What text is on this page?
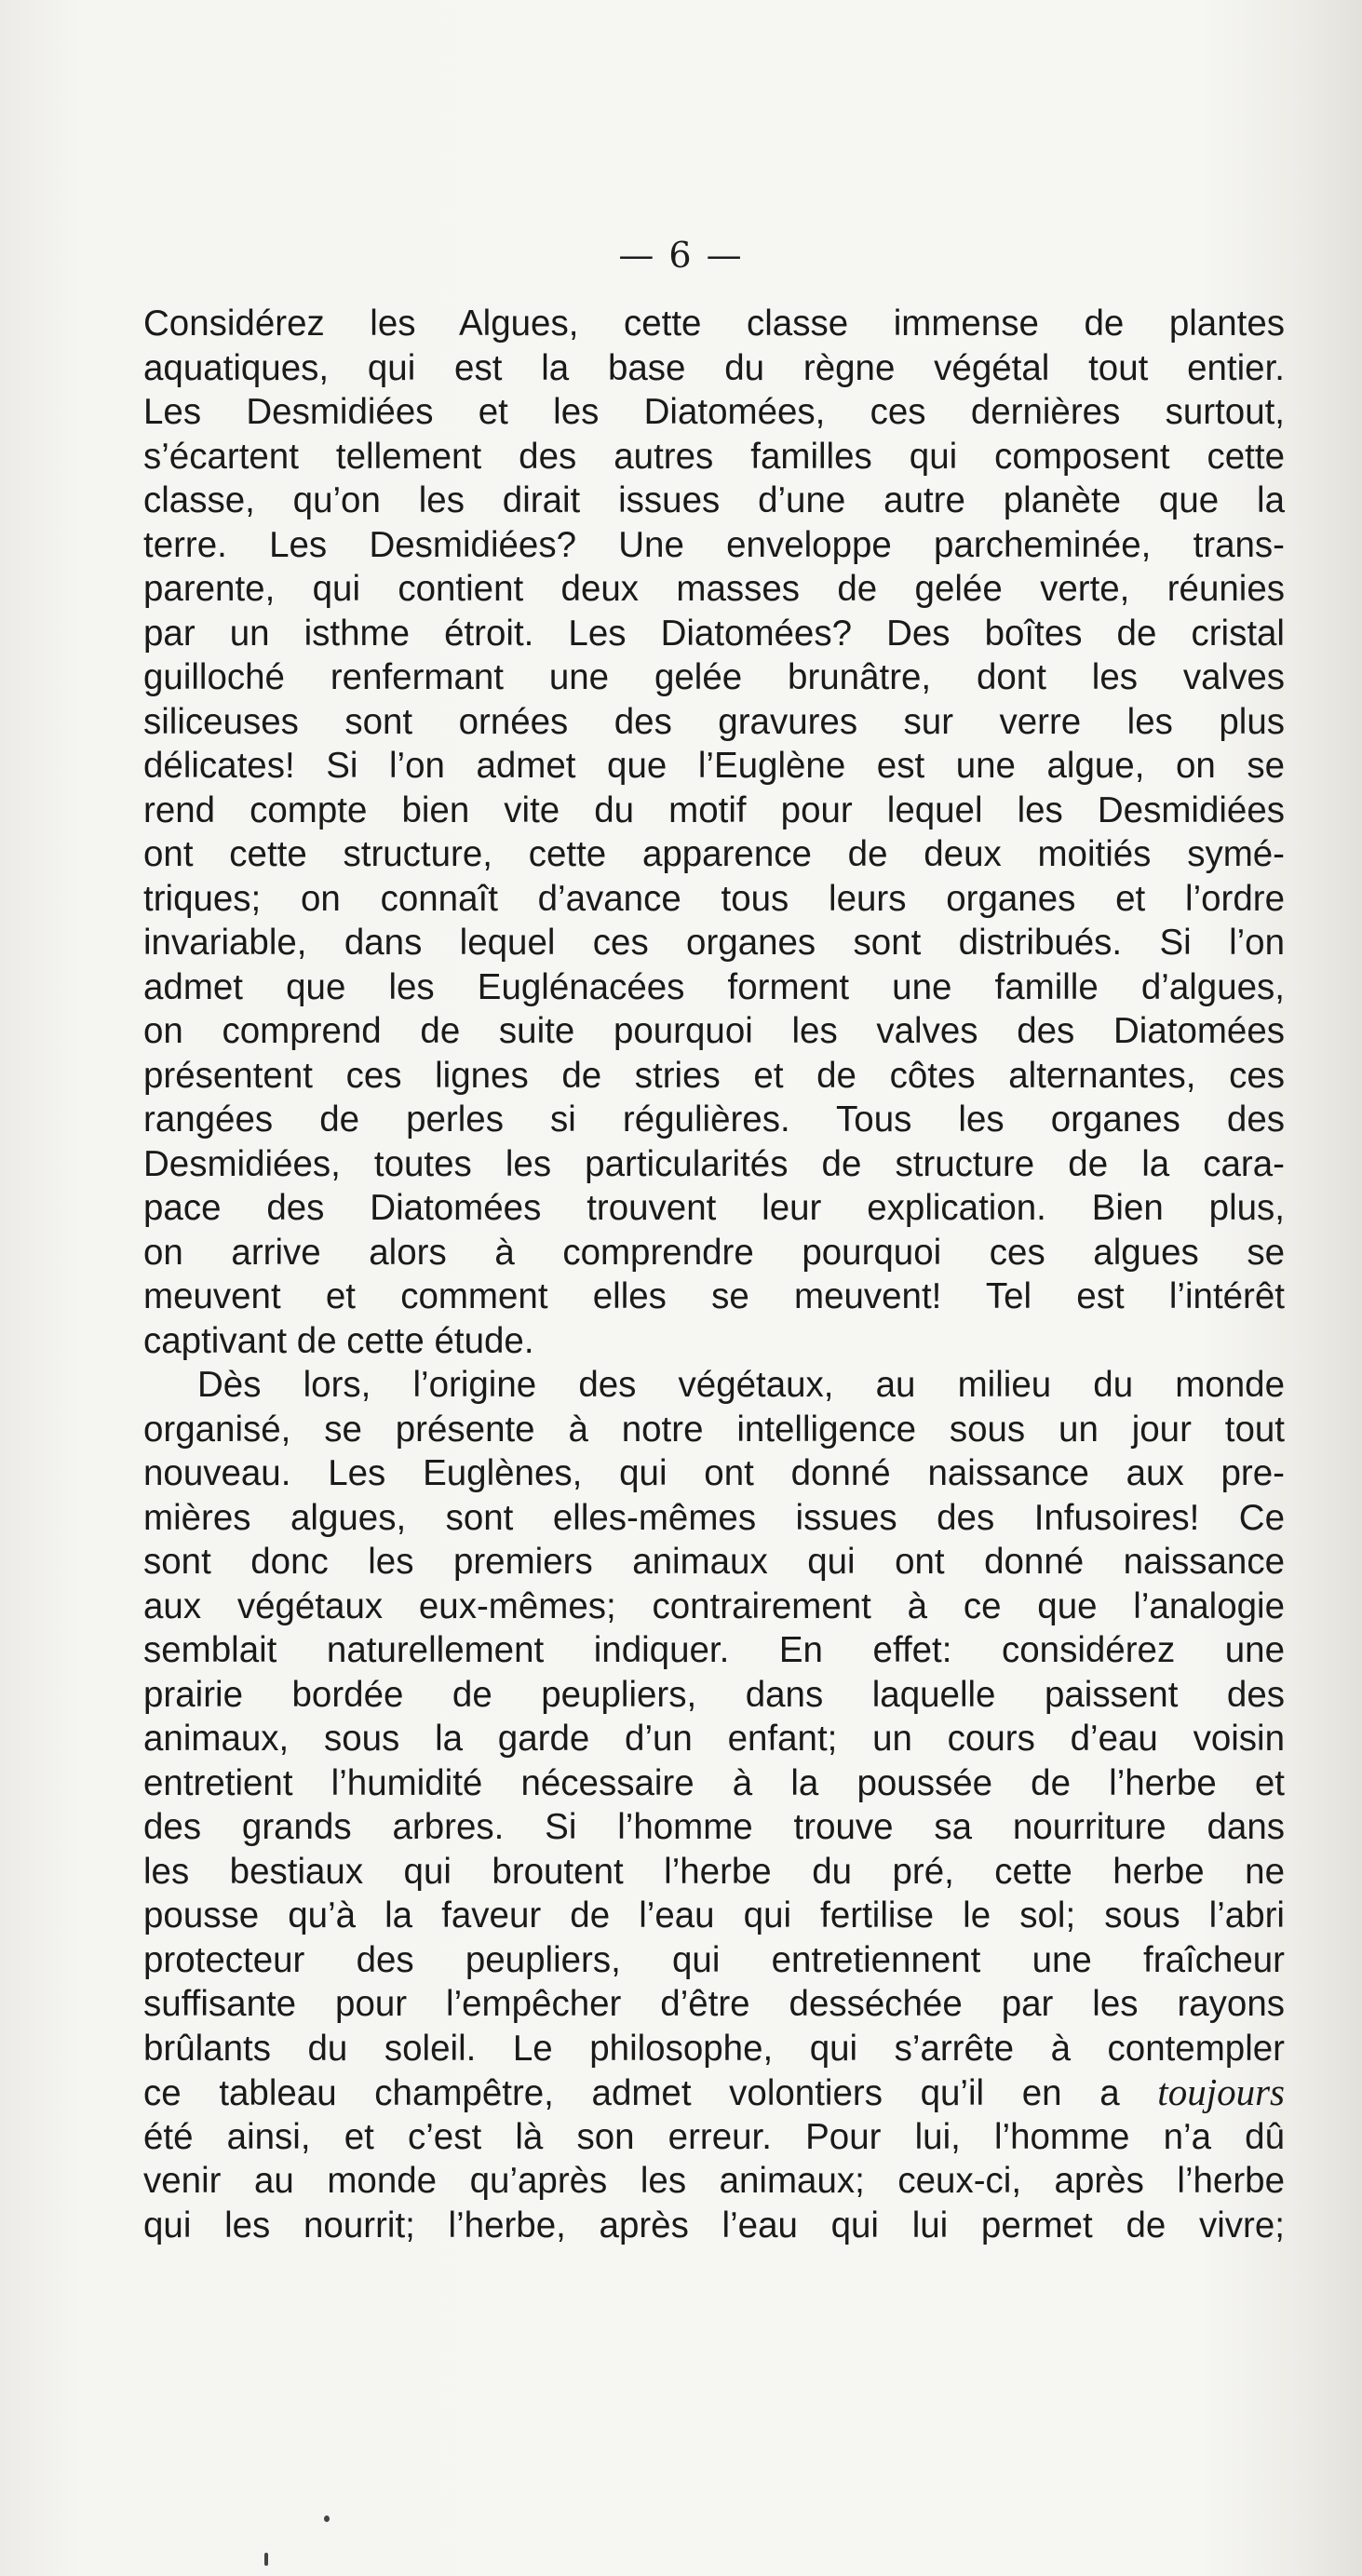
— 6 —
Considérez les Algues, cette classe immense de plantes
aquatiques, qui est la base du règne végétal tout entier.
Les Desmidiées et les Diatomées, ces dernières surtout,
s’écartent tellement des autres familles qui composent cette
classe, qu’on les dirait issues d’une autre planète que la
terre. Les Desmidiées? Une enveloppe parcheminée, trans-
parente, qui contient deux masses de gelée verte, réunies
par un isthme étroit. Les Diatomées? Des boîtes de cristal
guilloché renfermant une gelée brunâtre, dont les valves
siliceuses sont ornées des gravures sur verre les plus
délicates! Si l’on admet que l’Euglène est une algue, on se
rend compte bien vite du motif pour lequel les Desmidiées
ont cette structure, cette apparence de deux moitiés symé-
triques; on connaît d’avance tous leurs organes et l’ordre
invariable, dans lequel ces organes sont distribués. Si l’on
admet que les Euglénacées forment une famille d’algues,
on comprend de suite pourquoi les valves des Diatomées
présentent ces lignes de stries et de côtes alternantes, ces
rangées de perles si régulières. Tous les organes des
Desmidiées, toutes les particularités de structure de la cara-
pace des Diatomées trouvent leur explication. Bien plus,
on arrive alors à comprendre pourquoi ces algues se
meuvent et comment elles se meuvent! Tel est l’intérêt
captivant de cette étude.
Dès lors, l’origine des végétaux, au milieu du monde
organisé, se présente à notre intelligence sous un jour tout
nouveau. Les Euglènes, qui ont donné naissance aux pre-
mières algues, sont elles-mêmes issues des Infusoires! Ce
sont donc les premiers animaux qui ont donné naissance
aux végétaux eux-mêmes; contrairement à ce que l’analogie
semblait naturellement indiquer. En effet: considérez une
prairie bordée de peupliers, dans laquelle paissent des
animaux, sous la garde d’un enfant; un cours d’eau voisin
entretient l’humidité nécessaire à la poussée de l’herbe et
des grands arbres. Si l’homme trouve sa nourriture dans
les bestiaux qui broutent l’herbe du pré, cette herbe ne
pousse qu’à la faveur de l’eau qui fertilise le sol; sous l’abri
protecteur des peupliers, qui entretiennent une fraîcheur
suffisante pour l’empêcher d’être desséchée par les rayons
brûlants du soleil. Le philosophe, qui s’arrête à contempler
ce tableau champêtre, admet volontiers qu’il en a toujours
été ainsi, et c’est là son erreur. Pour lui, l’homme n’a dû
venir au monde qu’après les animaux; ceux-ci, après l’herbe
qui les nourrit; l’herbe, après l’eau qui lui permet de vivre;
